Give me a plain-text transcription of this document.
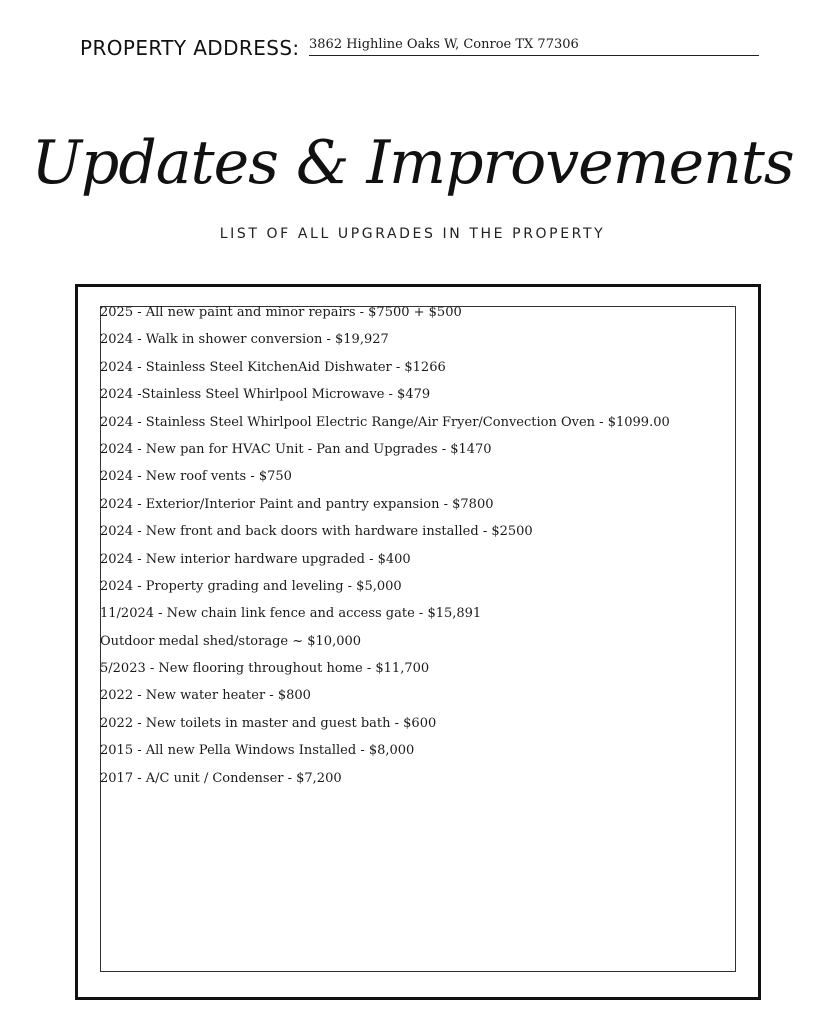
PROPERTY ADDRESS: 3862 Highline Oaks W, Conroe TX 77306
Updates & Improvements
LIST OF ALL UPGRADES IN THE PROPERTY
2025 - All new paint and minor repairs - $7500 + $500
2024 - Walk in shower conversion - $19,927
2024 - Stainless Steel KitchenAid Dishwater - $1266
2024 -Stainless Steel Whirlpool Microwave - $479
2024 - Stainless Steel Whirlpool Electric Range/Air Fryer/Convection Oven - $1099.00
2024 - New pan for HVAC Unit - Pan and Upgrades - $1470
2024 - New roof vents - $750
2024 - Exterior/Interior Paint and pantry expansion - $7800
2024 - New front and back doors with hardware installed - $2500
2024 - New interior hardware upgraded - $400
2024 - Property grading and leveling - $5,000
11/2024 - New chain link fence and access gate - $15,891
Outdoor medal shed/storage ~ $10,000
5/2023 - New flooring throughout home - $11,700
2022 - New water heater - $800
2022 - New toilets in master and guest bath - $600
2015 - All new Pella Windows Installed - $8,000
2017 - A/C unit / Condenser - $7,200
